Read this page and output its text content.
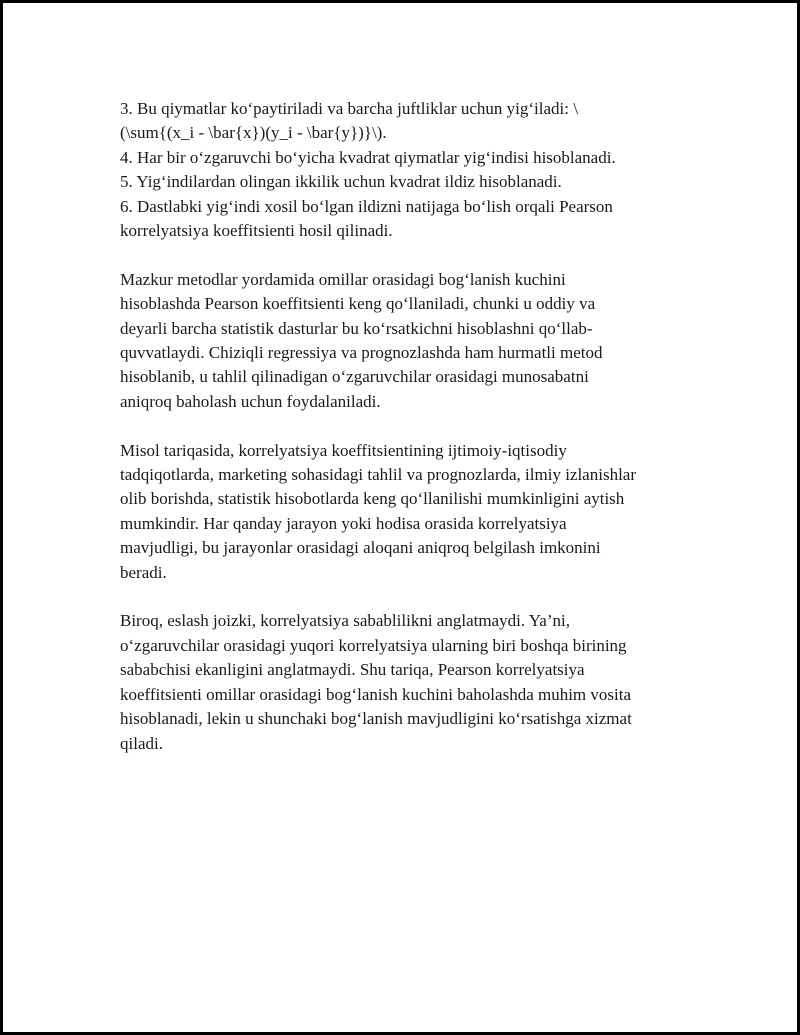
3. Bu qiymatlar koʻpaytiriladi va barcha juftliklar uchun yigʻiladi: \
(\sum{(x_i - \bar{x})(y_i - \bar{y})}\).
4. Har bir oʻzgaruvchi boʻyicha kvadrat qiymatlar yigʻindisi hisoblanadi.
5. Yigʻindilardan olingan ikkilik uchun kvadrat ildiz hisoblanadi.
6. Dastlabki yigʻindi xosil boʻlgan ildizni natijaga boʻlish orqali Pearson
korrelyatsiya koeffitsienti hosil qilinadi.
Mazkur metodlar yordamida omillar orasidagi bogʻlanish kuchini
hisoblashda Pearson koeffitsienti keng qoʻllaniladi, chunki u oddiy va
deyarli barcha statistik dasturlar bu koʻrsatkichni hisoblashni qoʻllab-
quvvatlaydi. Chiziqli regressiya va prognozlashda ham hurmatli metod
hisoblanib, u tahlil qilinadigan oʻzgaruvchilar orasidagi munosabatni
aniqroq baholash uchun foydalaniladi.
Misol tariqasida, korrelyatsiya koeffitsientining ijtimoiy-iqtisodiy
tadqiqotlarda, marketing sohasidagi tahlil va prognozlarda, ilmiy izlanishlar
olib borishda, statistik hisobotlarda keng qoʻllanilishi mumkinligini aytish
mumkindir. Har qanday jarayon yoki hodisa orasida korrelyatsiya
mavjudligi, bu jarayonlar orasidagi aloqani aniqroq belgilash imkonini
beradi.
Biroq, eslash joizki, korrelyatsiya sabablilikni anglatmaydi. Ya’ni,
oʻzgaruvchilar orasidagi yuqori korrelyatsiya ularning biri boshqa birining
sababchisi ekanligini anglatmaydi. Shu tariqa, Pearson korrelyatsiya
koeffitsienti omillar orasidagi bogʻlanish kuchini baholashda muhim vosita
hisoblanadi, lekin u shunchaki bogʻlanish mavjudligini koʻrsatishga xizmat
qiladi.
